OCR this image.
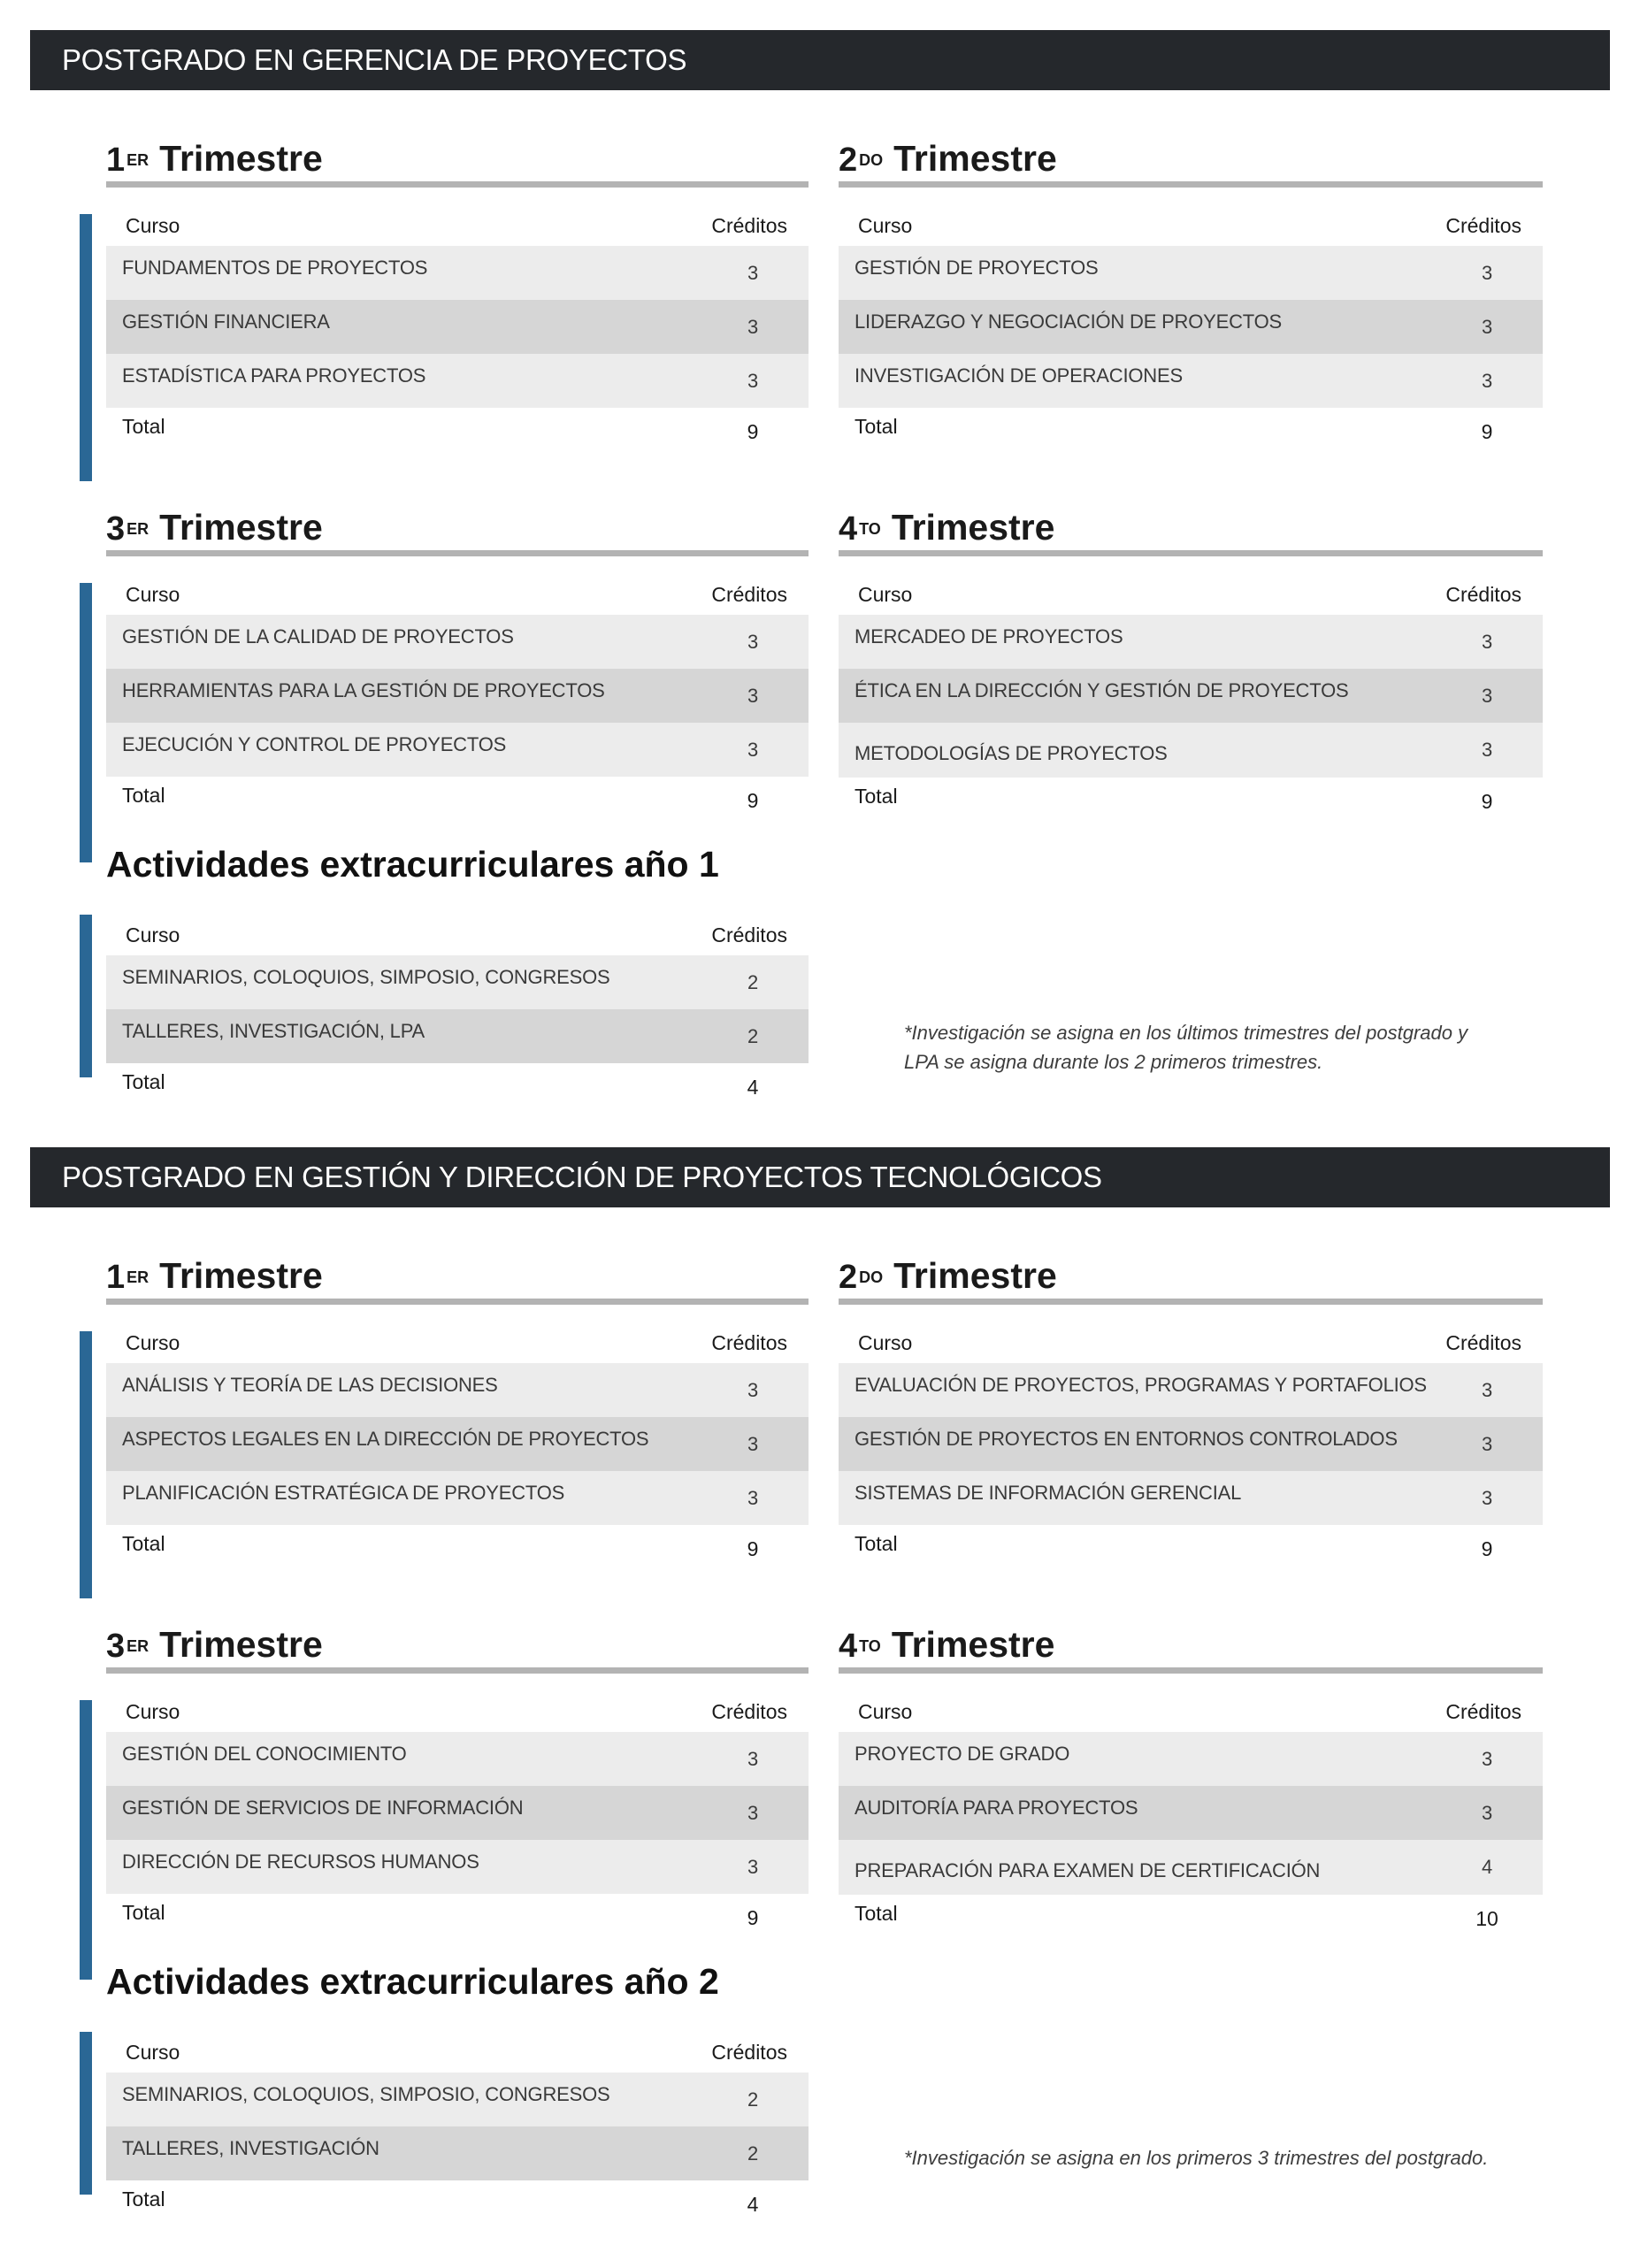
POSTGRADO EN GERENCIA DE PROYECTOS
1 $^{ER}$ Trimestre
Curso	Créditos
FUNDAMENTOS DE PROYECTOS	3
GESTIÓN FINANCIERA	3
ESTADÍSTICA PARA PROYECTOS	3
Total	9
2 $^{DO}$ Trimestre
Curso	Créditos
GESTIÓN DE PROYECTOS	3
LIDERAZGO Y NEGOCIACIÓN DE PROYECTOS	3
INVESTIGACIÓN DE OPERACIONES	3
Total	9
3 $^{ER}$ Trimestre
Curso	Créditos
GESTIÓN DE LA CALIDAD DE PROYECTOS	3
HERRAMIENTAS PARA LA GESTIÓN DE PROYECTOS	3
EJECUCIÓN Y CONTROL DE PROYECTOS	3
Total	9
4 $^{TO}$ Trimestre
Curso	Créditos
MERCADEO DE PROYECTOS	3
ÉTICA EN LA DIRECCIÓN Y GESTIÓN DE PROYECTOS	3
METODOLOGÍAS DE PROYECTOS	3
Total	9
Actividades extracurriculares año 1
Curso	Créditos
SEMINARIOS, COLOQUIOS, SIMPOSIO, CONGRESOS	2
TALLERES, INVESTIGACIÓN, LPA	2
Total	4
*Investigación se asigna en los últimos trimestres del postgrado y
LPA se asigna durante los 2 primeros trimestres.
POSTGRADO EN GESTIÓN Y DIRECCIÓN DE PROYECTOS TECNOLÓGICOS
1 $^{ER}$ Trimestre
Curso	Créditos
ANÁLISIS Y TEORÍA DE LAS DECISIONES	3
ASPECTOS LEGALES EN LA DIRECCIÓN DE PROYECTOS	3
PLANIFICACIÓN ESTRATÉGICA DE PROYECTOS	3
Total	9
2 $^{DO}$ Trimestre
Curso	Créditos
EVALUACIÓN DE PROYECTOS, PROGRAMAS Y PORTAFOLIOS	3
GESTIÓN DE PROYECTOS EN ENTORNOS CONTROLADOS	3
SISTEMAS DE INFORMACIÓN GERENCIAL	3
Total	9
3 $^{ER}$ Trimestre
Curso	Créditos
GESTIÓN DEL CONOCIMIENTO	3
GESTIÓN DE SERVICIOS DE INFORMACIÓN	3
DIRECCIÓN DE RECURSOS HUMANOS	3
Total	9
4 $^{TO}$ Trimestre
Curso	Créditos
PROYECTO DE GRADO	3
AUDITORÍA PARA PROYECTOS	3
PREPARACIÓN PARA EXAMEN DE CERTIFICACIÓN	4
Total	10
Actividades extracurriculares año 2
Curso	Créditos
SEMINARIOS, COLOQUIOS, SIMPOSIO, CONGRESOS	2
TALLERES, INVESTIGACIÓN	2
Total	4
*Investigación se asigna en los primeros 3 trimestres del postgrado.
